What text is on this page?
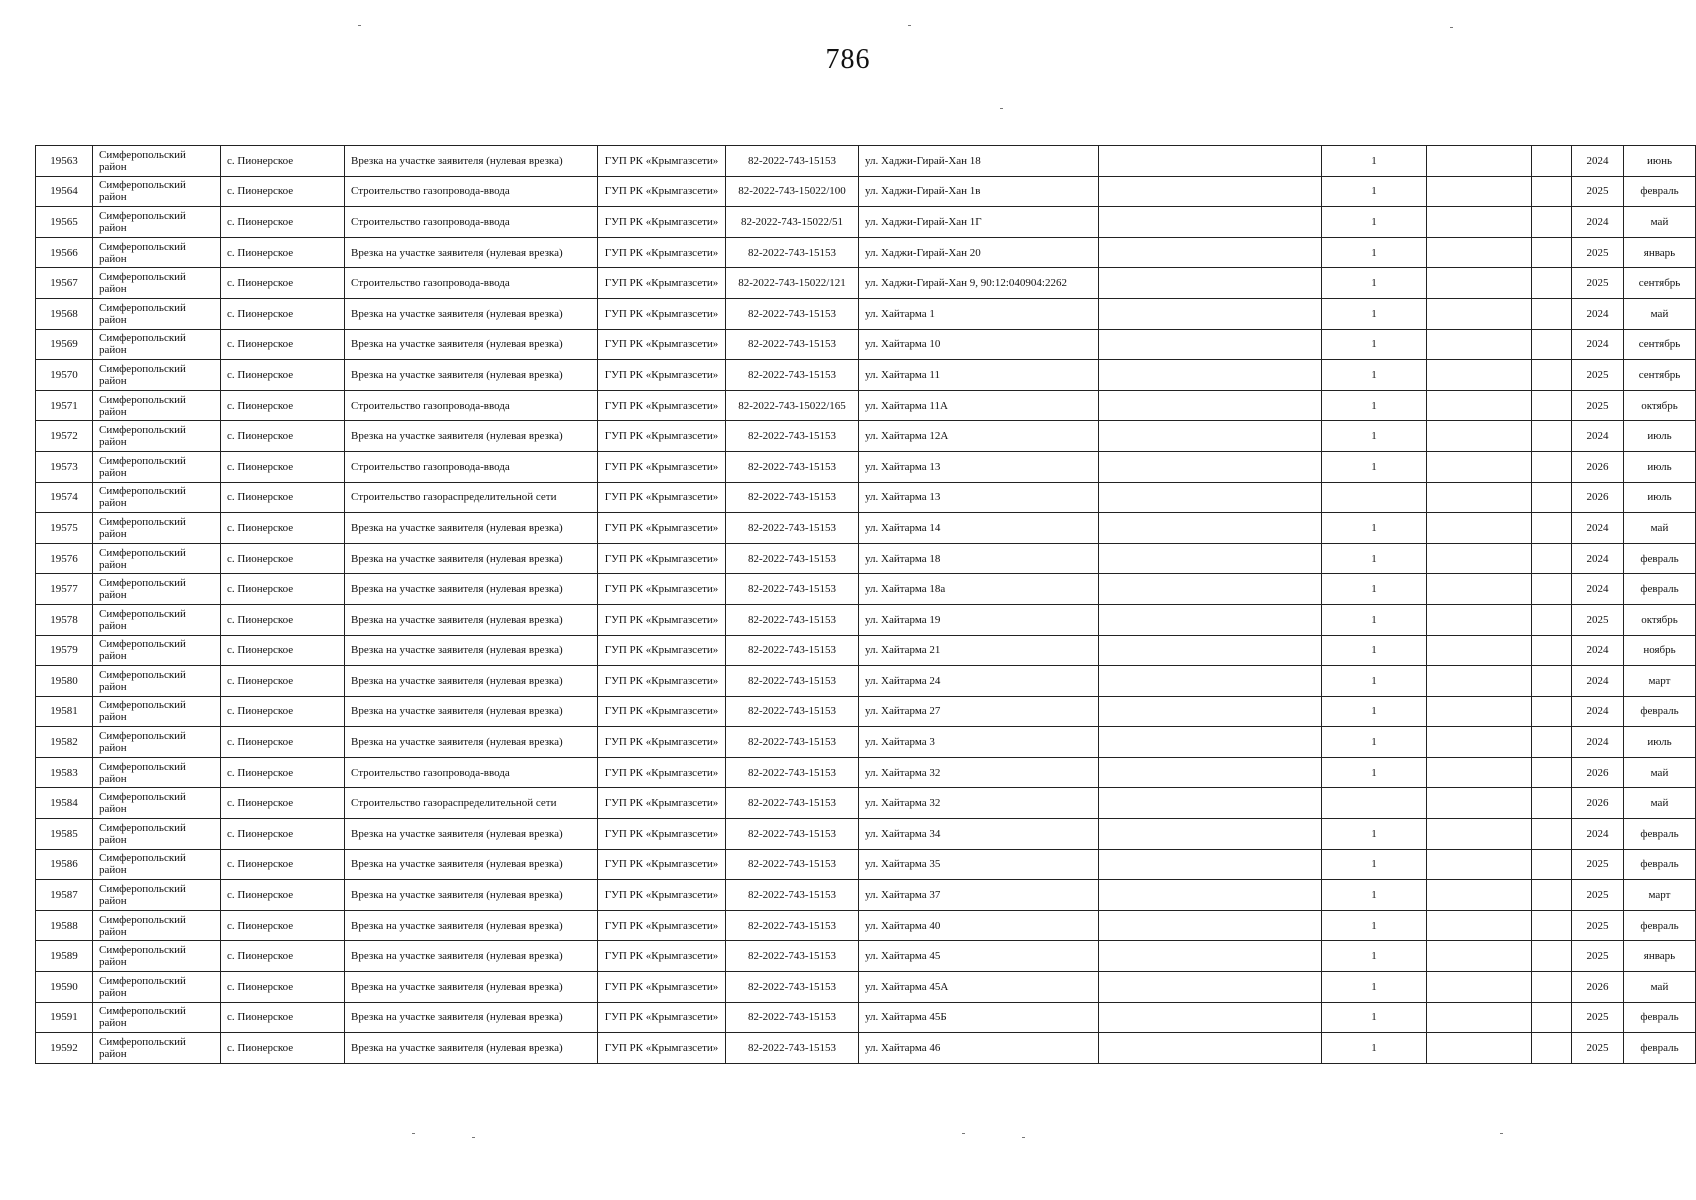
786
19563	Симферопольский район	с. Пионерское	Врезка на участке заявителя (нулевая врезка)	ГУП РК «Крымгазсети»	82-2022-743-15153	ул. Хаджи-Гирай-Хан 18		1			2024	июнь
19564	Симферопольский район	с. Пионерское	Строительство газопровода-ввода	ГУП РК «Крымгазсети»	82-2022-743-15022/100	ул. Хаджи-Гирай-Хан 1в		1			2025	февраль
19565	Симферопольский район	с. Пионерское	Строительство газопровода-ввода	ГУП РК «Крымгазсети»	82-2022-743-15022/51	ул. Хаджи-Гирай-Хан 1Г		1			2024	май
19566	Симферопольский район	с. Пионерское	Врезка на участке заявителя (нулевая врезка)	ГУП РК «Крымгазсети»	82-2022-743-15153	ул. Хаджи-Гирай-Хан 20		1			2025	январь
19567	Симферопольский район	с. Пионерское	Строительство газопровода-ввода	ГУП РК «Крымгазсети»	82-2022-743-15022/121	ул. Хаджи-Гирай-Хан 9, 90:12:040904:2262		1			2025	сентябрь
19568	Симферопольский район	с. Пионерское	Врезка на участке заявителя (нулевая врезка)	ГУП РК «Крымгазсети»	82-2022-743-15153	ул. Хайтарма 1		1			2024	май
19569	Симферопольский район	с. Пионерское	Врезка на участке заявителя (нулевая врезка)	ГУП РК «Крымгазсети»	82-2022-743-15153	ул. Хайтарма 10		1			2024	сентябрь
19570	Симферопольский район	с. Пионерское	Врезка на участке заявителя (нулевая врезка)	ГУП РК «Крымгазсети»	82-2022-743-15153	ул. Хайтарма 11		1			2025	сентябрь
19571	Симферопольский район	с. Пионерское	Строительство газопровода-ввода	ГУП РК «Крымгазсети»	82-2022-743-15022/165	ул. Хайтарма 11А		1			2025	октябрь
19572	Симферопольский район	с. Пионерское	Врезка на участке заявителя (нулевая врезка)	ГУП РК «Крымгазсети»	82-2022-743-15153	ул. Хайтарма 12А		1			2024	июль
19573	Симферопольский район	с. Пионерское	Строительство газопровода-ввода	ГУП РК «Крымгазсети»	82-2022-743-15153	ул. Хайтарма 13		1			2026	июль
19574	Симферопольский район	с. Пионерское	Строительство газораспределительной сети	ГУП РК «Крымгазсети»	82-2022-743-15153	ул. Хайтарма 13					2026	июль
19575	Симферопольский район	с. Пионерское	Врезка на участке заявителя (нулевая врезка)	ГУП РК «Крымгазсети»	82-2022-743-15153	ул. Хайтарма 14		1			2024	май
19576	Симферопольский район	с. Пионерское	Врезка на участке заявителя (нулевая врезка)	ГУП РК «Крымгазсети»	82-2022-743-15153	ул. Хайтарма 18		1			2024	февраль
19577	Симферопольский район	с. Пионерское	Врезка на участке заявителя (нулевая врезка)	ГУП РК «Крымгазсети»	82-2022-743-15153	ул. Хайтарма 18а		1			2024	февраль
19578	Симферопольский район	с. Пионерское	Врезка на участке заявителя (нулевая врезка)	ГУП РК «Крымгазсети»	82-2022-743-15153	ул. Хайтарма 19		1			2025	октябрь
19579	Симферопольский район	с. Пионерское	Врезка на участке заявителя (нулевая врезка)	ГУП РК «Крымгазсети»	82-2022-743-15153	ул. Хайтарма 21		1			2024	ноябрь
19580	Симферопольский район	с. Пионерское	Врезка на участке заявителя (нулевая врезка)	ГУП РК «Крымгазсети»	82-2022-743-15153	ул. Хайтарма 24		1			2024	март
19581	Симферопольский район	с. Пионерское	Врезка на участке заявителя (нулевая врезка)	ГУП РК «Крымгазсети»	82-2022-743-15153	ул. Хайтарма 27		1			2024	февраль
19582	Симферопольский район	с. Пионерское	Врезка на участке заявителя (нулевая врезка)	ГУП РК «Крымгазсети»	82-2022-743-15153	ул. Хайтарма 3		1			2024	июль
19583	Симферопольский район	с. Пионерское	Строительство газопровода-ввода	ГУП РК «Крымгазсети»	82-2022-743-15153	ул. Хайтарма 32		1			2026	май
19584	Симферопольский район	с. Пионерское	Строительство газораспределительной сети	ГУП РК «Крымгазсети»	82-2022-743-15153	ул. Хайтарма 32					2026	май
19585	Симферопольский район	с. Пионерское	Врезка на участке заявителя (нулевая врезка)	ГУП РК «Крымгазсети»	82-2022-743-15153	ул. Хайтарма 34		1			2024	февраль
19586	Симферопольский район	с. Пионерское	Врезка на участке заявителя (нулевая врезка)	ГУП РК «Крымгазсети»	82-2022-743-15153	ул. Хайтарма 35		1			2025	февраль
19587	Симферопольский район	с. Пионерское	Врезка на участке заявителя (нулевая врезка)	ГУП РК «Крымгазсети»	82-2022-743-15153	ул. Хайтарма 37		1			2025	март
19588	Симферопольский район	с. Пионерское	Врезка на участке заявителя (нулевая врезка)	ГУП РК «Крымгазсети»	82-2022-743-15153	ул. Хайтарма 40		1			2025	февраль
19589	Симферопольский район	с. Пионерское	Врезка на участке заявителя (нулевая врезка)	ГУП РК «Крымгазсети»	82-2022-743-15153	ул. Хайтарма 45		1			2025	январь
19590	Симферопольский район	с. Пионерское	Врезка на участке заявителя (нулевая врезка)	ГУП РК «Крымгазсети»	82-2022-743-15153	ул. Хайтарма 45А		1			2026	май
19591	Симферопольский район	с. Пионерское	Врезка на участке заявителя (нулевая врезка)	ГУП РК «Крымгазсети»	82-2022-743-15153	ул. Хайтарма 45Б		1			2025	февраль
19592	Симферопольский район	с. Пионерское	Врезка на участке заявителя (нулевая врезка)	ГУП РК «Крымгазсети»	82-2022-743-15153	ул. Хайтарма 46		1			2025	февраль
